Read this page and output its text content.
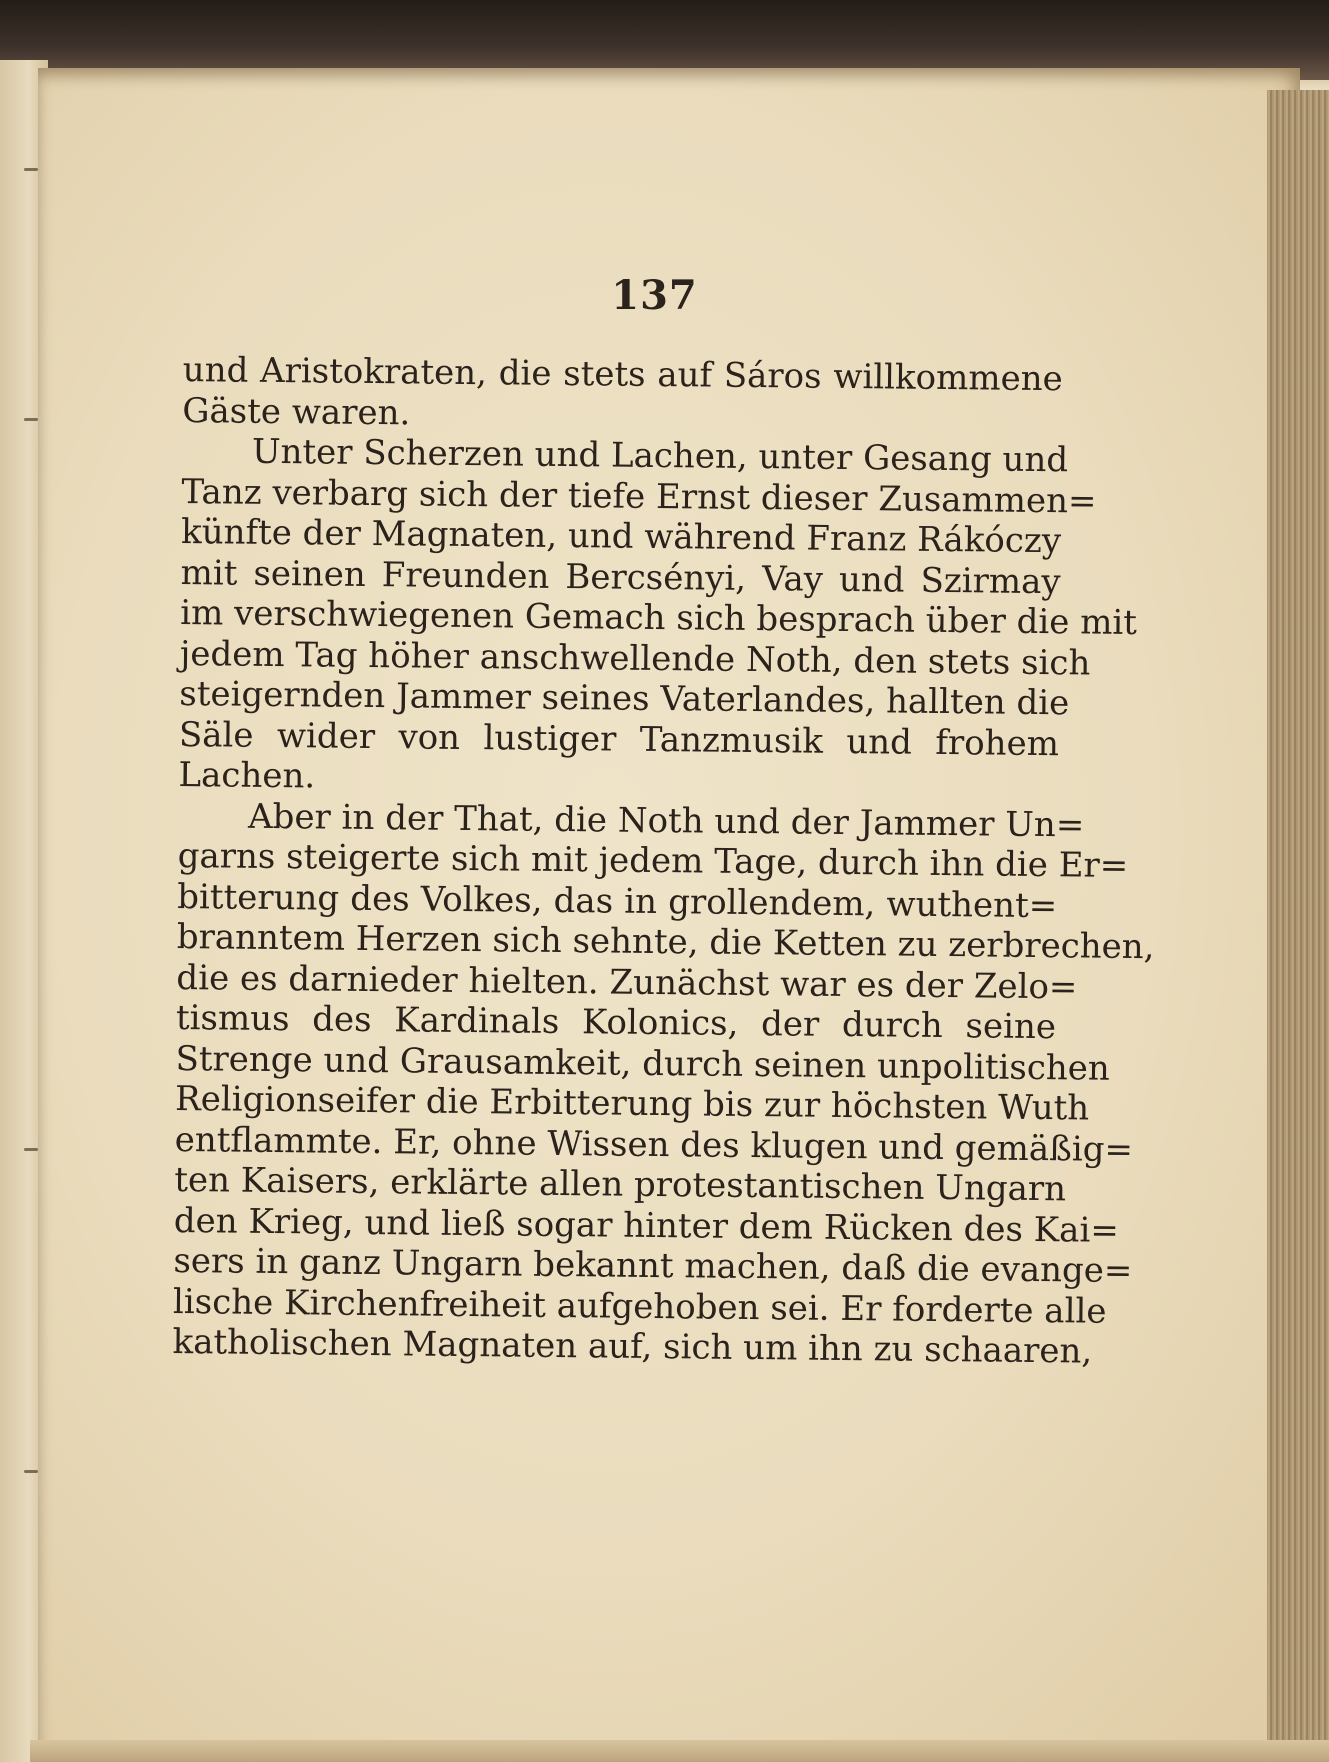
137
und Aristokraten, die stets auf Sáros willkommene
Gäste waren.
Unter Scherzen und Lachen, unter Gesang und
Tanz verbarg sich der tiefe Ernst dieser Zusammen=
künfte der Magnaten, und während Franz Rákóczy
mit seinen Freunden Bercsényi, Vay und Szirmay
im verschwiegenen Gemach sich besprach über die mit
jedem Tag höher anschwellende Noth, den stets sich
steigernden Jammer seines Vaterlandes, hallten die
Säle wider von lustiger Tanzmusik und frohem
Lachen.
Aber in der That, die Noth und der Jammer Un=
garns steigerte sich mit jedem Tage, durch ihn die Er=
bitterung des Volkes, das in grollendem, wuthent=
branntem Herzen sich sehnte, die Ketten zu zerbrechen,
die es darnieder hielten. Zunächst war es der Zelo=
tismus des Kardinals Kolonics, der durch seine
Strenge und Grausamkeit, durch seinen unpolitischen
Religionseifer die Erbitterung bis zur höchsten Wuth
entflammte. Er, ohne Wissen des klugen und gemäßig=
ten Kaisers, erklärte allen protestantischen Ungarn
den Krieg, und ließ sogar hinter dem Rücken des Kai=
sers in ganz Ungarn bekannt machen, daß die evange=
lische Kirchenfreiheit aufgehoben sei. Er forderte alle
katholischen Magnaten auf, sich um ihn zu schaaren,
